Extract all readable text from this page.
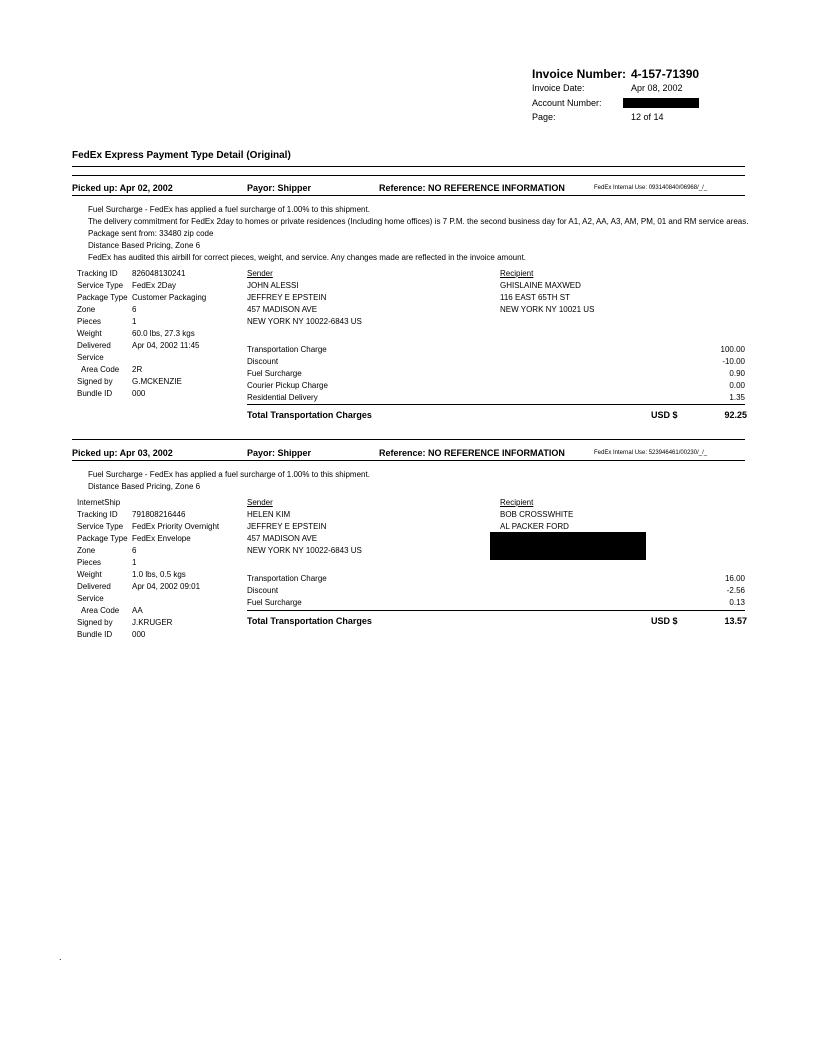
Invoice Number: 4-157-71390
Invoice Date:	Apr 08, 2002
Account Number:
Page:	12 of 14
FedEx Express Payment Type Detail (Original)
Picked up: Apr 02, 2002	Payor: Shipper	Reference: NO REFERENCE INFORMATION	FedEx Internal Use: 093140840/06968/_/_
Fuel Surcharge - FedEx has applied a fuel surcharge of 1.00% to this shipment.
The delivery commitment for FedEx 2day to homes or private residences (Including home offices) is 7 P.M. the second business day for A1, A2, AA, A3, AM, PM, 01 and RM service areas.
Package sent from: 33480 zip code
Distance Based Pricing, Zone 6
FedEx has audited this airbill for correct pieces, weight, and service. Any changes made are reflected in the invoice amount.
Tracking ID 826048130241
Service Type FedEx 2Day
Package Type Customer Packaging
Zone	6
Pieces	1
Weight	60.0 lbs, 27.3 kgs
Delivered	Apr 04, 2002 11:45
Service
Area Code 2R
Signed by G.MCKENZIE
Bundle ID 000
Sender
JOHN ALESSI
JEFFREY E EPSTEIN
457 MADISON AVE
NEW YORK NY 10022-6843 US
Recipient
GHISLAINE MAXWED
116 EAST 65TH ST
NEW YORK NY 10021 US
Transportation Charge	100.00
Discount	-10.00
Fuel Surcharge	0.90
Courier Pickup Charge	0.00
Residential Delivery	1.35
Total Transportation Charges	USD $	92.25
Picked up: Apr 03, 2002	Payor: Shipper	Reference: NO REFERENCE INFORMATION	FedEx Internal Use: 523946461/00230/_/_
Fuel Surcharge - FedEx has applied a fuel surcharge of 1.00% to this shipment.
Distance Based Pricing, Zone 6
InternetShip
Tracking ID 791808216446
Service Type FedEx Priority Overnight
Package Type FedEx Envelope
Zone	6
Pieces	1
Weight	1.0 lbs, 0.5 kgs
Delivered	Apr 04, 2002 09:01
Service
Area Code AA
Signed by J.KRUGER
Bundle ID 000
Sender
HELEN KIM
JEFFREY E EPSTEIN
457 MADISON AVE
NEW YORK NY 10022-6843 US
Recipient
BOB CROSSWHITE
AL PACKER FORD
Transportation Charge	16.00
Discount	-2.56
Fuel Surcharge	0.13
Total Transportation Charges	USD $	13.57
.
